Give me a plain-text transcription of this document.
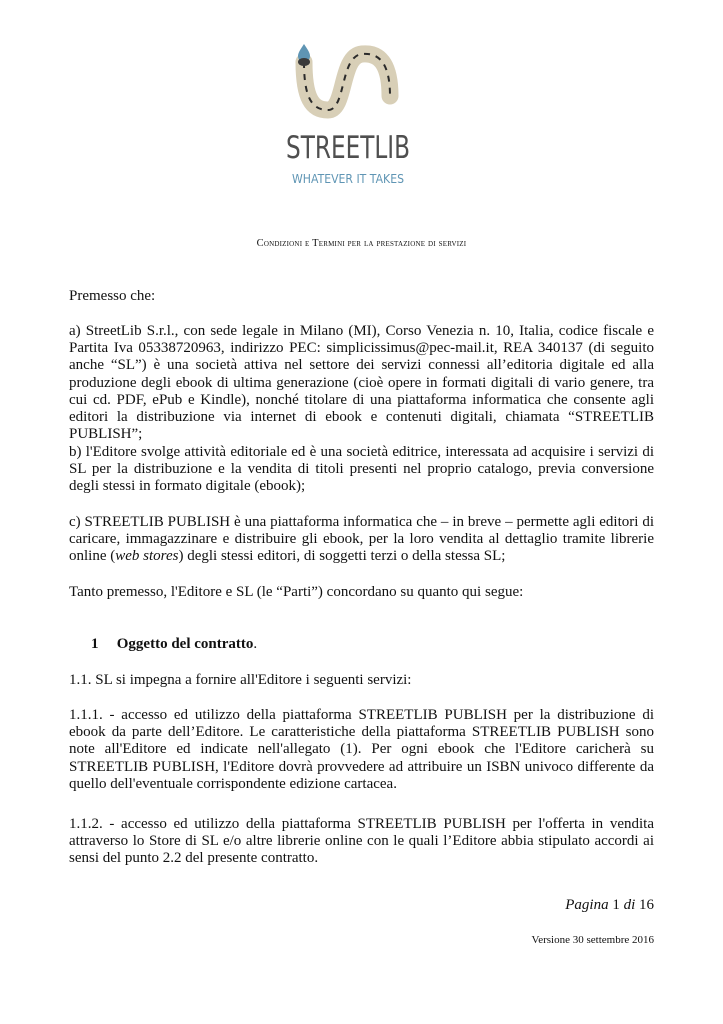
STREETLIB
WHATEVER IT TAKES
Condizioni e Termini per la prestazione di servizi

Premesso che:

a) StreetLib S.r.l., con sede legale in Milano (MI), Corso Venezia n. 10, Italia, codice fiscale e Partita Iva 05338720963, indirizzo PEC: simplicissimus@pec-mail.it, REA 340137 (di seguito anche “SL”) è una società attiva nel settore dei servizi connessi all’editoria digitale ed alla produzione degli ebook di ultima generazione (cioè opere in formati digitali di vario genere, tra cui cd. PDF, ePub e Kindle), nonché titolare di una piattaforma informatica che consente agli editori la distribuzione via internet di ebook e contenuti digitali, chiamata “STREETLIB PUBLISH”;

b) l'Editore svolge attività editoriale ed è una società editrice, interessata ad acquisire i servizi di SL per la distribuzione e la vendita di titoli presenti nel proprio catalogo, previa conversione degli stessi in formato digitale (ebook);

c) STREETLIB PUBLISH è una piattaforma informatica che – in breve – permette agli editori di caricare, immagazzinare e distribuire gli ebook, per la loro vendita al dettaglio tramite librerie online (web stores) degli stessi editori, di soggetti terzi o della stessa SL;

Tanto premesso, l'Editore e SL (le “Parti”) concordano su quanto qui segue:

1 Oggetto del contratto.

1.1. SL si impegna a fornire all'Editore i seguenti servizi:

1.1.1. - accesso ed utilizzo della piattaforma STREETLIB PUBLISH per la distribuzione di ebook da parte dell’Editore. Le caratteristiche della piattaforma STREETLIB PUBLISH sono note all'Editore ed indicate nell'allegato (1). Per ogni ebook che l'Editore caricherà su STREETLIB PUBLISH, l'Editore dovrà provvedere ad attribuire un ISBN univoco differente da quello dell'eventuale corrispondente edizione cartacea.

1.1.2. - accesso ed utilizzo della piattaforma STREETLIB PUBLISH per l'offerta in vendita attraverso lo Store di SL e/o altre librerie online con le quali l’Editore abbia stipulato accordi ai sensi del punto 2.2 del presente contratto.

Pagina 1 di 16
Versione 30 settembre 2016
